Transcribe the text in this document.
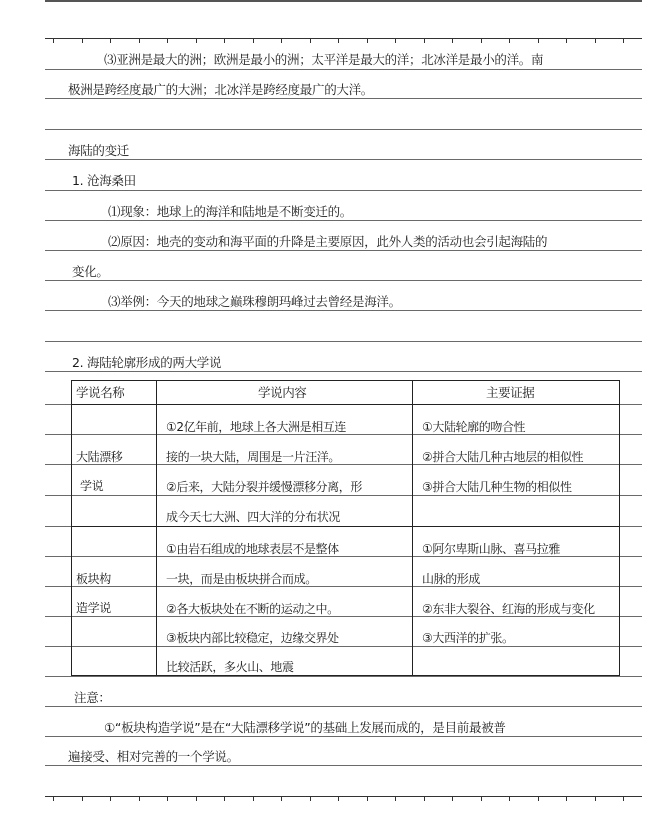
⑶亚洲是最大的洲；欧洲是最小的洲；太平洋是最大的洋；北冰洋是最小的洋。南
极洲是跨经度最广的大洲；北冰洋是跨经度最广的大洋。
海陆的变迁
1. 沧海桑田
⑴现象：地球上的海洋和陆地是不断变迁的。
⑵原因：地壳的变动和海平面的升降是主要原因，此外人类的活动也会引起海陆的
变化。
⑶举例：今天的地球之巅珠穆朗玛峰过去曾经是海洋。
2. 海陆轮廓形成的两大学说
学说名称	学说内容	主要证据
大陆漂移
学说
①2亿年前，地球上各大洲是相互连
接的一块大陆，周围是一片汪洋。
②后来，大陆分裂并缓慢漂移分离，形
成今天七大洲、四大洋的分布状况
①大陆轮廓的吻合性
②拼合大陆几种古地层的相似性
③拼合大陆几种生物的相似性
板块构
造学说
①由岩石组成的地球表层不是整体
一块，而是由板块拼合而成。
②各大板块处在不断的运动之中。
③板块内部比较稳定，边缘交界处
比较活跃，多火山、地震
①阿尔卑斯山脉、喜马拉雅
山脉的形成
②东非大裂谷、红海的形成与变化
③大西洋的扩张。
注意：
①“板块构造学说”是在“大陆漂移学说”的基础上发展而成的，是目前最被普
遍接受、相对完善的一个学说。
